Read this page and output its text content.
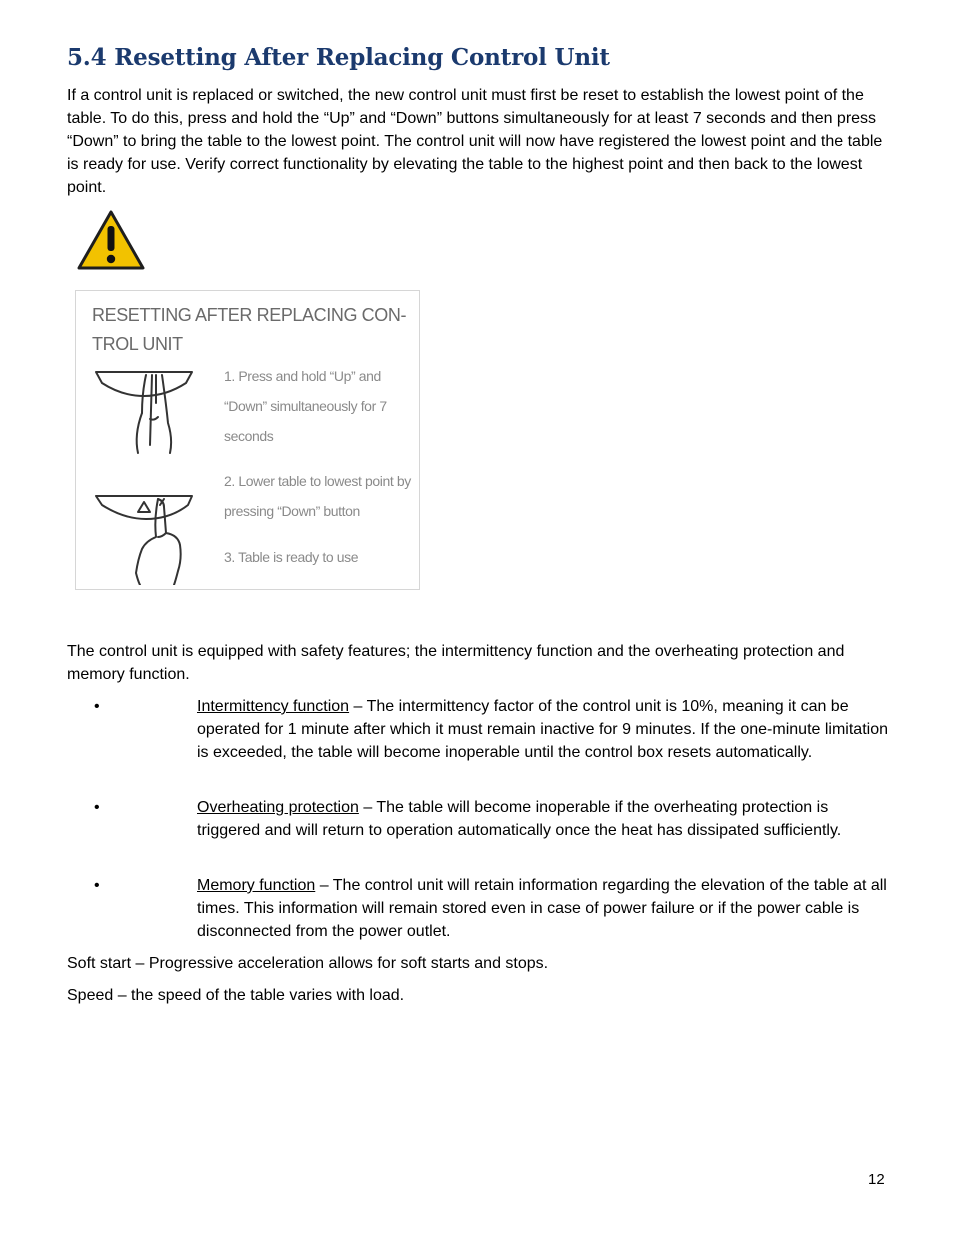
5.4 Resetting After Replacing Control Unit

If a control unit is replaced or switched, the new control unit must first be reset to establish the lowest point of the table. To do this, press and hold the “Up” and “Down” buttons simultaneously for at least 7 seconds and then press “Down” to bring the table to the lowest point. The control unit will now have registered the lowest point and the table is ready for use. Verify correct functionality by elevating the table to the highest point and then back to the lowest point.

RESETTING AFTER REPLACING CON-TROL UNIT
1. Press and hold “Up” and “Down” simultaneously for 7 seconds
2. Lower table to lowest point by pressing “Down” button
3. Table is ready to use

The control unit is equipped with safety features; the intermittency function and the overheating protection and memory function.

•	Intermittency function – The intermittency factor of the control unit is 10%, meaning it can be operated for 1 minute after which it must remain inactive for 9 minutes. If the one-minute limitation is exceeded, the table will become inoperable until the control box resets automatically.

•	Overheating protection – The table will become inoperable if the overheating protection is triggered and will return to operation automatically once the heat has dissipated sufficiently.

•	Memory function – The control unit will retain information regarding the elevation of the table at all times. This information will remain stored even in case of power failure or if the power cable is disconnected from the power outlet.

Soft start – Progressive acceleration allows for soft starts and stops.

Speed – the speed of the table varies with load.

12
